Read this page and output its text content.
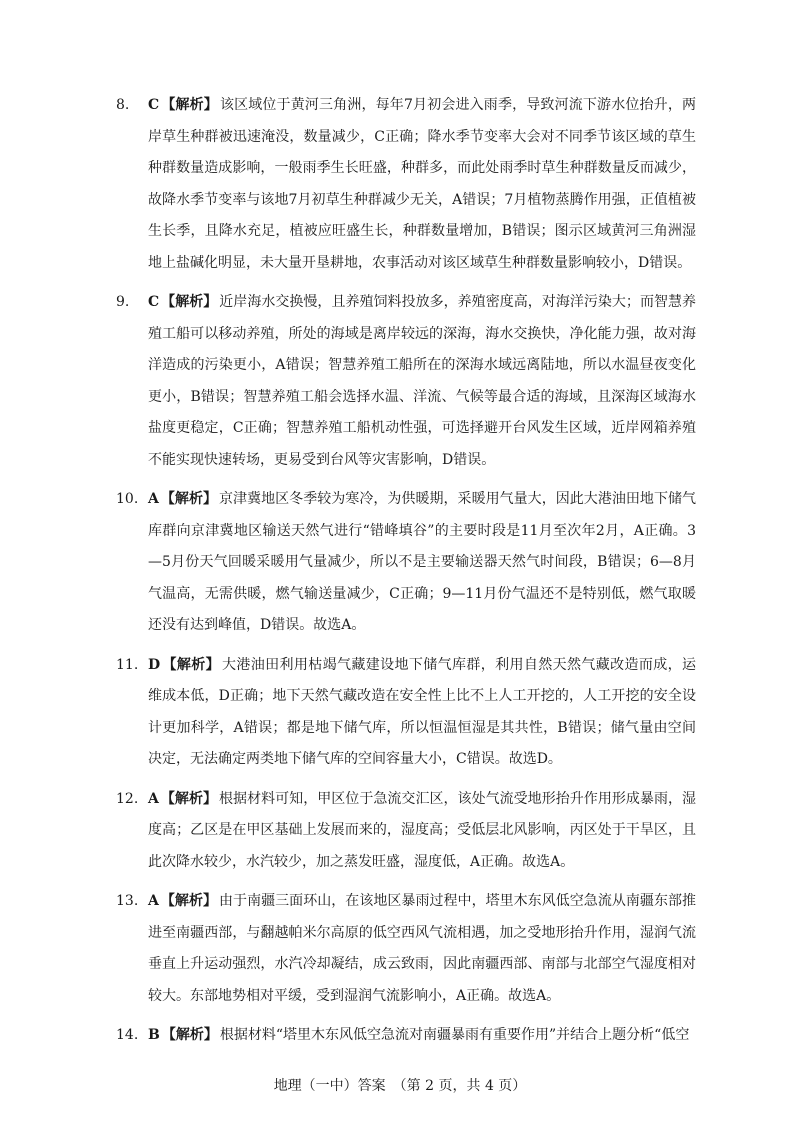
8.	C 【解析】 该区域位于黄河三角洲，每年7月初会进入雨季，导致河流下游水位抬升，两岸草生种群被迅速淹没，数量减少，C正确；降水季节变率大会对不同季节该区域的草生种群数量造成影响，一般雨季生长旺盛，种群多，而此处雨季时草生种群数量反而减少，故降水季节变率与该地7月初草生种群减少无关，A错误；7月植物蒸腾作用强，正值植被生长季，且降水充足，植被应旺盛生长，种群数量增加，B错误；图示区域黄河三角洲湿地上盐碱化明显，未大量开垦耕地，农事活动对该区域草生种群数量影响较小，D错误。
9.	C 【解析】 近岸海水交换慢，且养殖饲料投放多，养殖密度高，对海洋污染大；而智慧养殖工船可以移动养殖，所处的海域是离岸较远的深海，海水交换快，净化能力强，故对海洋造成的污染更小，A错误；智慧养殖工船所在的深海水域远离陆地，所以水温昼夜变化更小，B错误；智慧养殖工船会选择水温、洋流、气候等最合适的海域，且深海区域海水盐度更稳定，C正确；智慧养殖工船机动性强，可选择避开台风发生区域，近岸网箱养殖不能实现快速转场，更易受到台风等灾害影响，D错误。
10. A 【解析】 京津冀地区冬季较为寒冷，为供暖期，采暖用气量大，因此大港油田地下储气库群向京津冀地区输送天然气进行“错峰填谷”的主要时段是11月至次年2月，A正确。3—5月份天气回暖采暖用气量减少，所以不是主要输送器天然气时间段，B错误；6—8月气温高，无需供暖，燃气输送量减少，C正确；9—11月份气温还不是特别低，燃气取暖还没有达到峰值，D错误。故选A。
11. D 【解析】 大港油田利用枯竭气藏建设地下储气库群，利用自然天然气藏改造而成，运维成本低，D正确；地下天然气藏改造在安全性上比不上人工开挖的，人工开挖的安全设计更加科学，A错误；都是地下储气库，所以恒温恒湿是其共性，B错误；储气量由空间决定，无法确定两类地下储气库的空间容量大小，C错误。故选D。
12. A 【解析】 根据材料可知，甲区位于急流交汇区，该处气流受地形抬升作用形成暴雨，湿度高；乙区是在甲区基础上发展而来的，湿度高；受低层北风影响，丙区处于干旱区，且此次降水较少，水汽较少，加之蒸发旺盛，湿度低，A正确。故选A。
13. A 【解析】 由于南疆三面环山，在该地区暴雨过程中，塔里木东风低空急流从南疆东部推进至南疆西部，与翻越帕米尔高原的低空西风气流相遇，加之受地形抬升作用，湿润气流垂直上升运动强烈，水汽冷却凝结，成云致雨，因此南疆西部、南部与北部空气湿度相对较大。东部地势相对平缓，受到湿润气流影响小，A正确。故选A。
14. B 【解析】 根据材料“塔里木东风低空急流对南疆暴雨有重要作用”并结合上题分析“低空
地理（一中）答案　（第 2 页，共 4 页）
